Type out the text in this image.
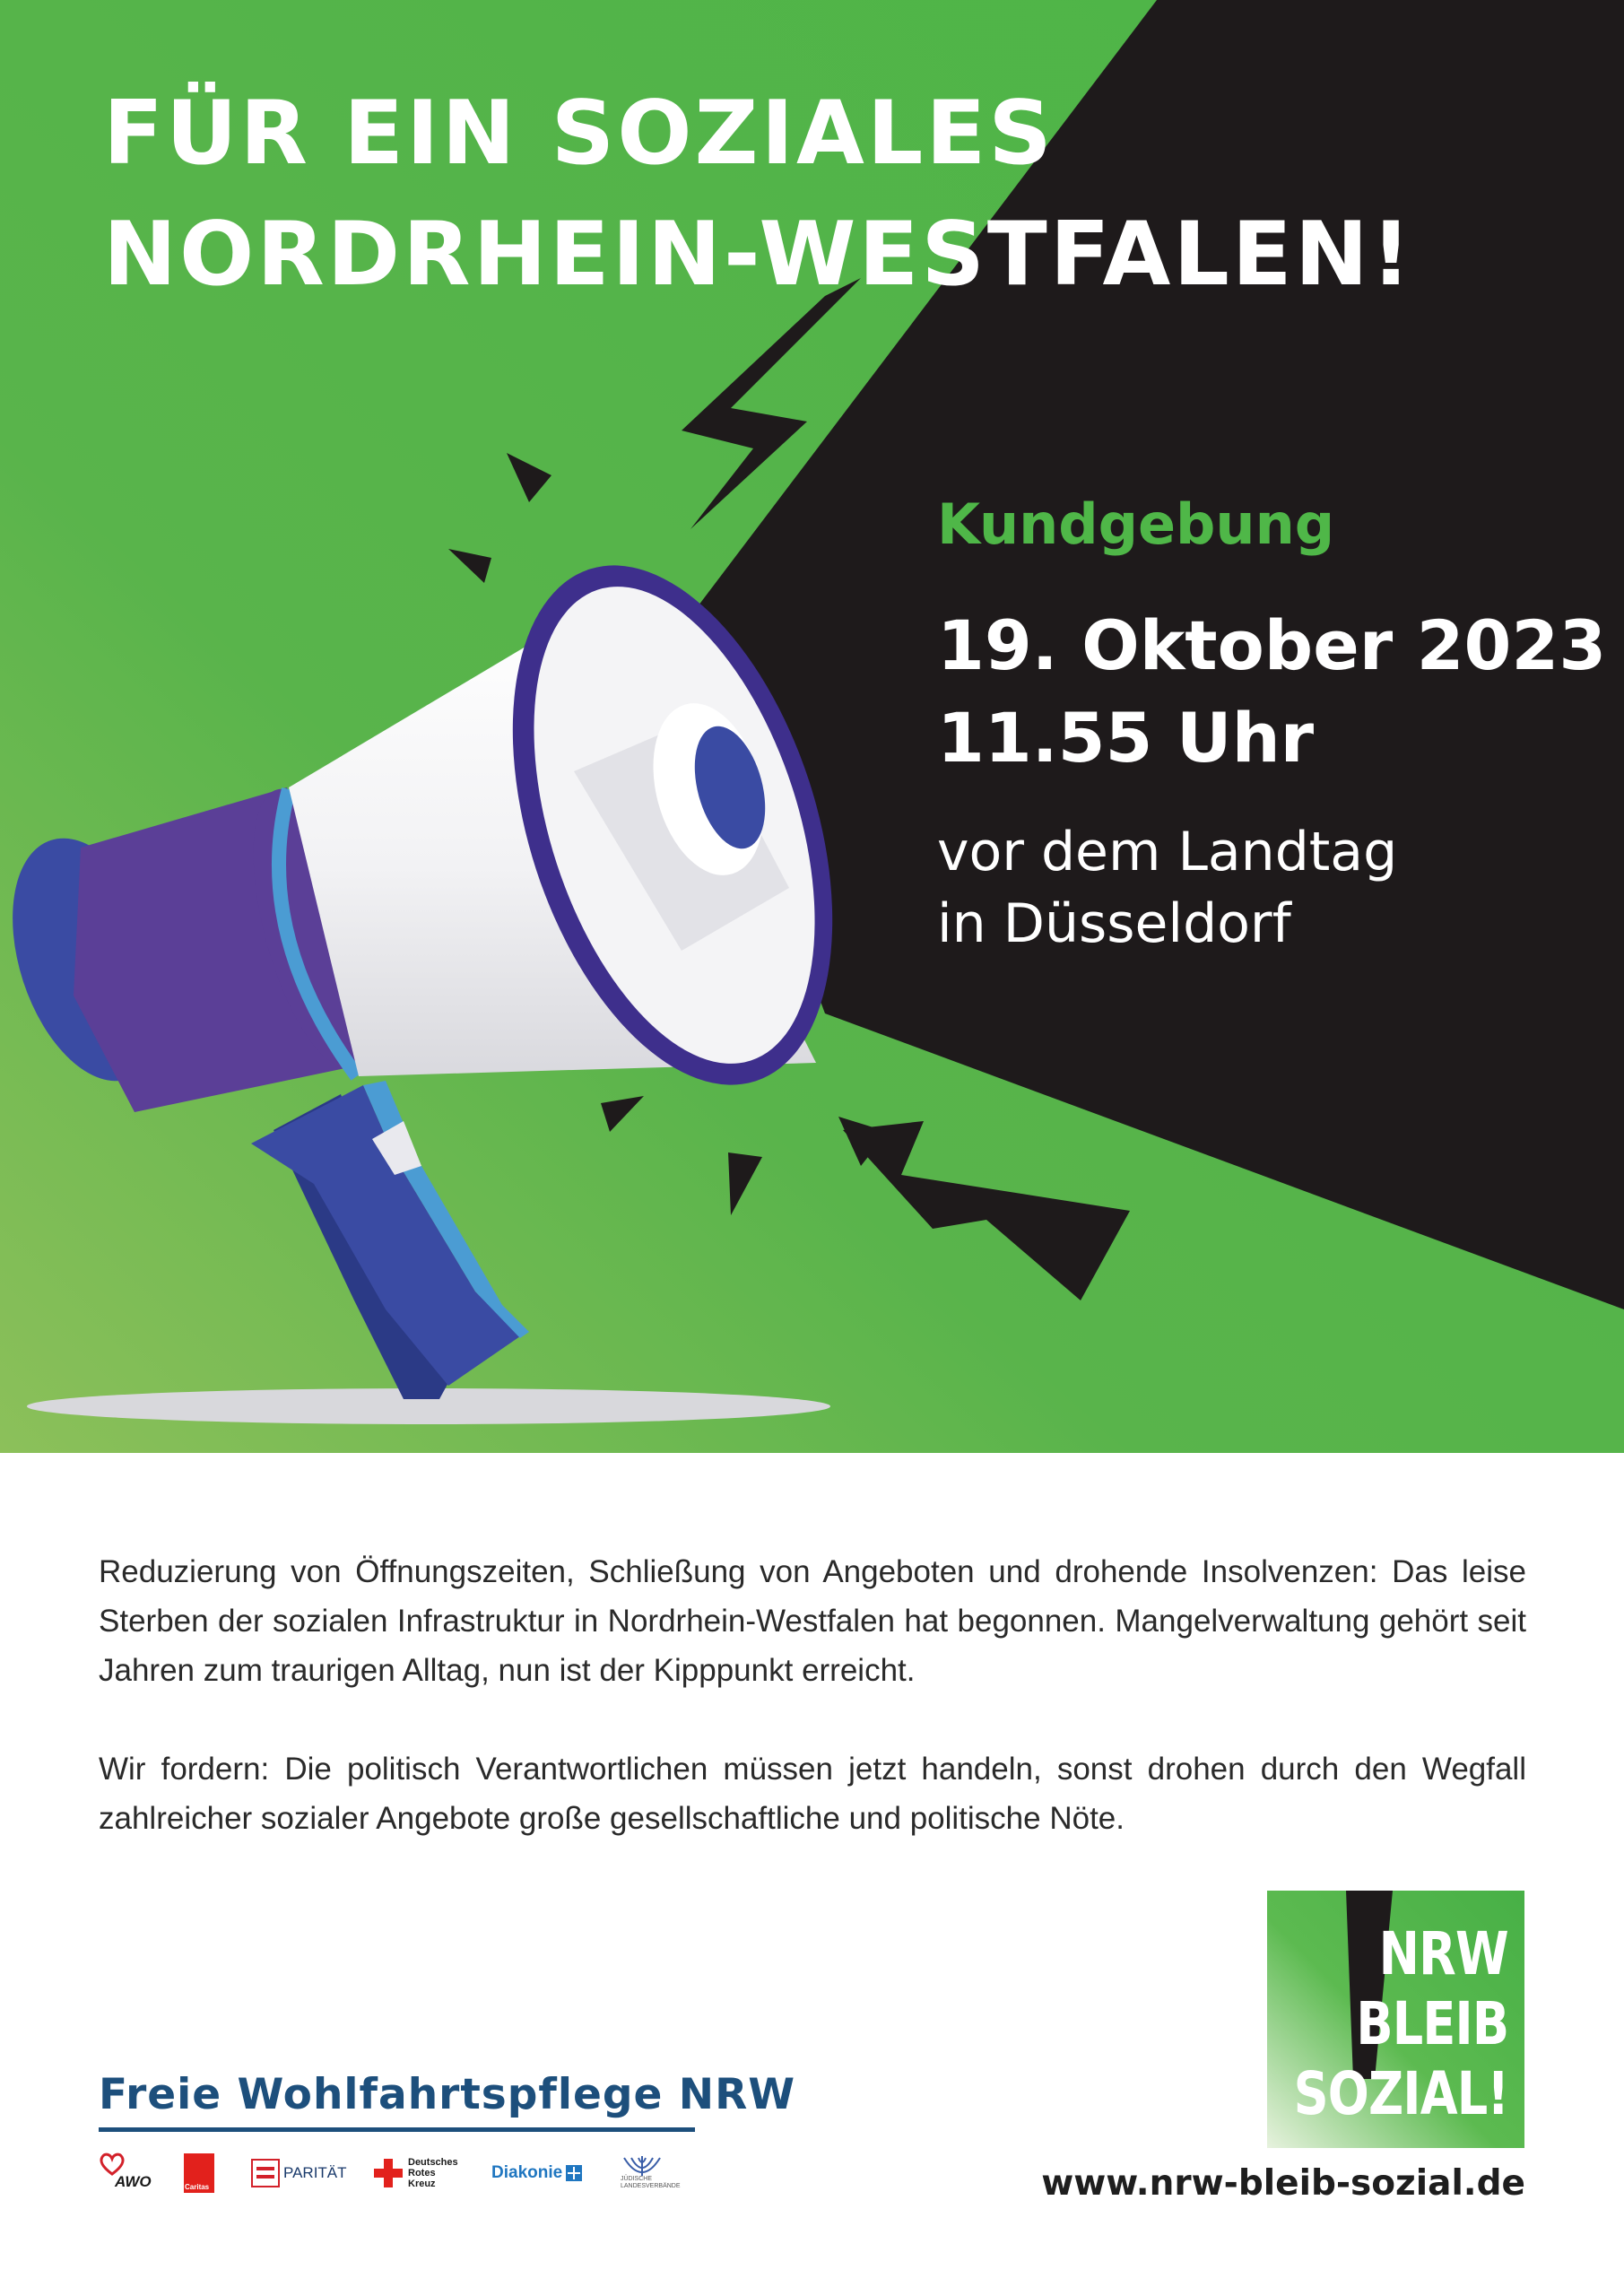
FÜR EIN SOZIALES
NORDRHEIN-WESTFALEN!
Kundgebung
19. Oktober 2023
11.55 Uhr
vor dem Landtag
in Düsseldorf

Reduzierung von Öffnungszeiten, Schließung von Angeboten und drohende Insolvenzen: Das leise Sterben der sozialen Infrastruktur in Nordrhein-Westfalen hat begonnen. Mangelverwaltung gehört seit Jahren zum traurigen Alltag, nun ist der Kipppunkt erreicht.

Wir fordern: Die politisch Verantwortlichen müssen jetzt handeln, sonst drohen durch den Wegfall zahlreicher sozialer Angebote große gesellschaftliche und politische Nöte.

Freie Wohlfahrtspflege NRW
AWO	Caritas
PARITÄT
Deutsches
Rotes
Kreuz
Diakonie	JÜDISCHE
LANDESVERBÄNDE
NRW
BLEIB
SOZIAL!
www.nrw-bleib-sozial.de
